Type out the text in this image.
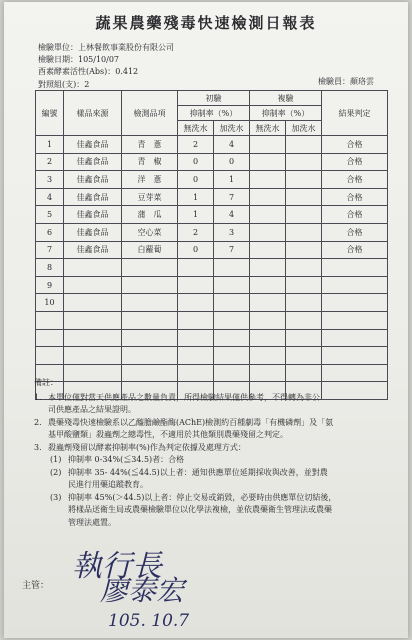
蔬果農藥殘毒快速檢測日報表
檢驗單位：上林餐飲事業股份有限公司
檢驗日期：105/10/07
酉素酵素活性(Abs)：0.412
對照組(支)：2	檢驗員：顏珞雲
編號	樣品來源	檢測品項	初驗		複驗		結果判定
			抑制率（%）		抑制率（%）		
			無洗水	加洗水	無洗水	加洗水	
1	佳鑫食品	青　蔥	2	4			合格
2	佳鑫食品	青　椒	0	0			合格
3	佳鑫食品	洋　蔥	0	1			合格
4	佳鑫食品	豆芽菜	1	7			合格
5	佳鑫食品	蒲　瓜	1	4			合格
6	佳鑫食品	空心菜	2	3			合格
7	佳鑫食品	白蘿蔔	0	7			合格
8							
9							
10							

備註：
1. 本單位僅對當天供應產品之數量負責，所得檢驗結果僅供參考，不得轉為非公
司供應產品之結果證明。
2. 農藥殘毒快速檢驗系以乙醯膽鹼酯酶(AChE)檢測約百種劇毒「有機磷劑」及「氨
基甲酸鹽類」殺蟲劑之總毒性，不適用於其他類別農藥殘留之判定。
3. 殺蟲劑殘留以酵素抑制率(%)作為判定依據及處理方式：
(1) 抑制率 0-34%(≦34.5)者：合格
(2) 抑制率 35- 44%(≦44.5)以上者：通知供應單位延期採收與改善，並對農
民進行用藥追蹤教育。
(3) 抑制率 45%(＞44.5)以上者：停止交易或銷毀，必要時由供應單位切結後，
將樣品送衛生局或農藥檢驗單位以化學法複檢，並依農藥衛生管理法或農藥
管理法處置。
主管：
執行長
廖泰宏
105. 10.7
